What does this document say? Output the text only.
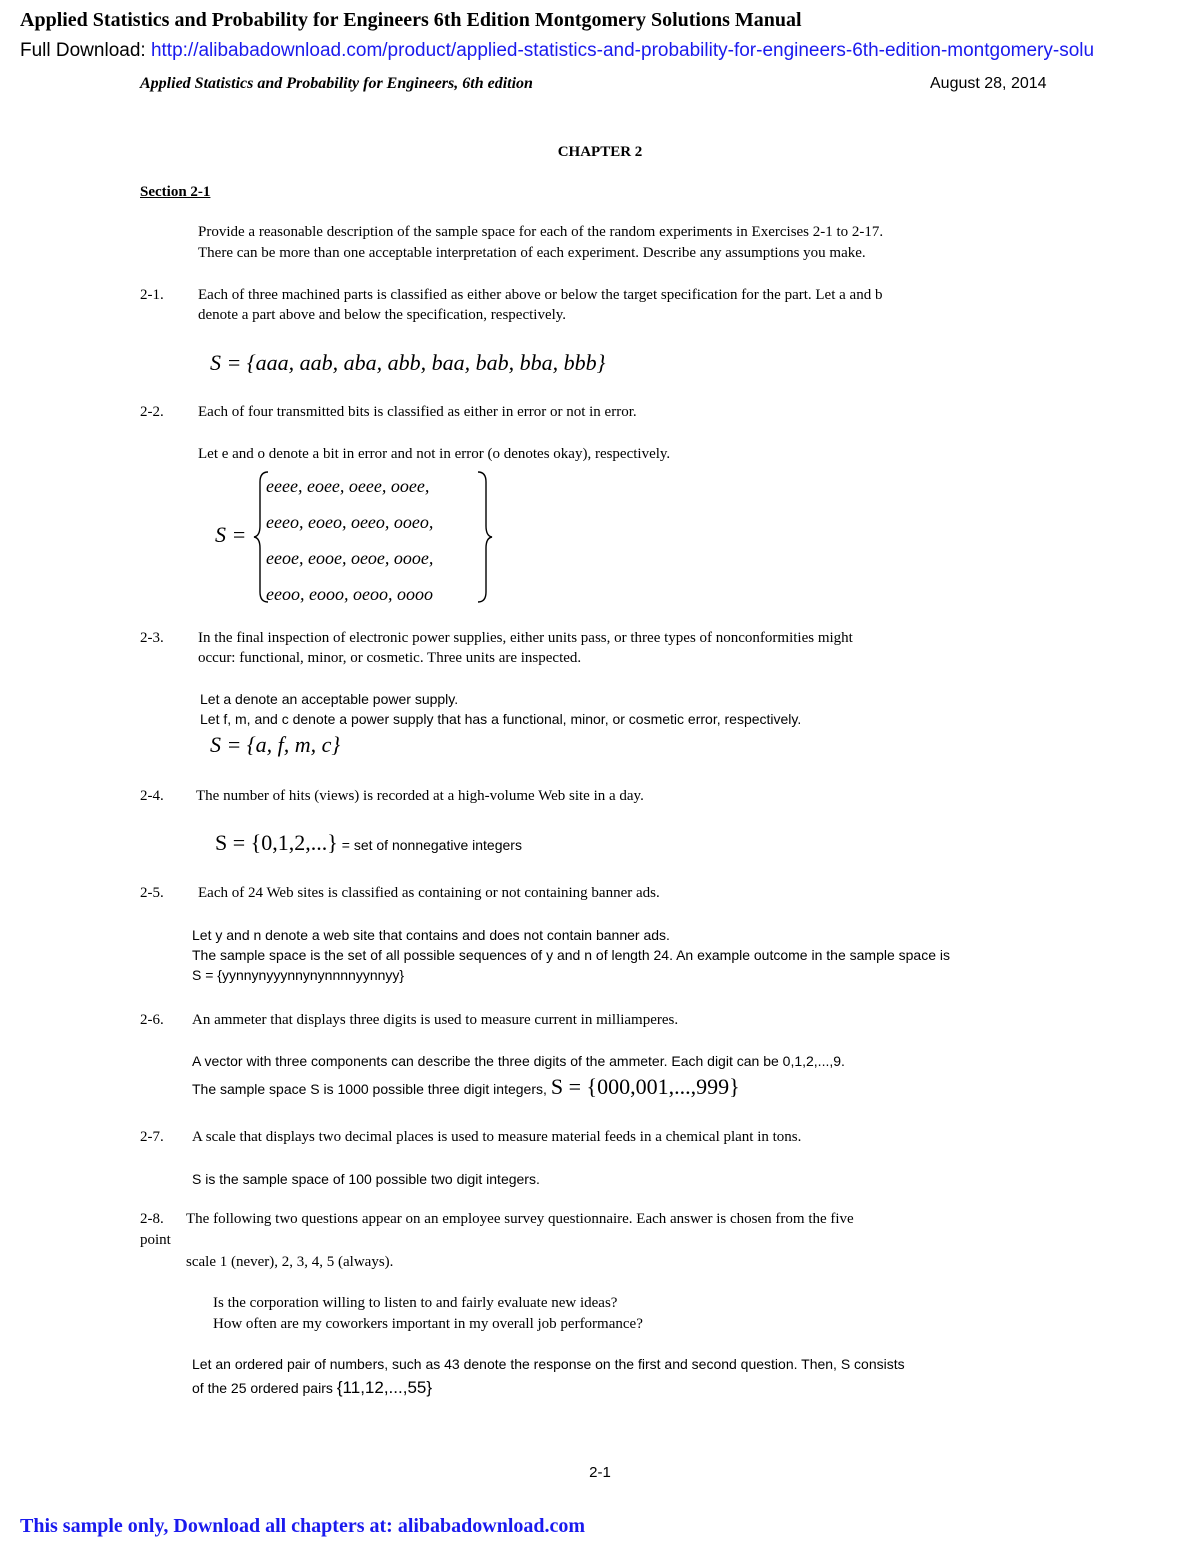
Applied Statistics and Probability for Engineers 6th Edition Montgomery Solutions Manual
Full Download: http://alibabadownload.com/product/applied-statistics-and-probability-for-engineers-6th-edition-montgomery-solu
Applied Statistics and Probability for Engineers, 6th edition	August 28, 2014
CHAPTER 2
Section 2-1
Provide a reasonable description of the sample space for each of the random experiments in Exercises 2-1 to 2-17.
There can be more than one acceptable interpretation of each experiment. Describe any assumptions you make.
2-1. Each of three machined parts is classified as either above or below the target specification for the part. Let a and b
denote a part above and below the specification, respectively.
S = {aaa, aab, aba, abb, baa, bab, bba, bbb}
2-2. Each of four transmitted bits is classified as either in error or not in error.
Let e and o denote a bit in error and not in error (o denotes okay), respectively.
S =
eeee, eoee, oeee, ooee,
eeeo, eoeo, oeeo, ooeo,
eeoe, eooe, oeoe, oooe,
eeoo, eooo, oeoo, oooo
2-3. In the final inspection of electronic power supplies, either units pass, or three types of nonconformities might
occur: functional, minor, or cosmetic. Three units are inspected.
Let a denote an acceptable power supply.
Let f, m, and c denote a power supply that has a functional, minor, or cosmetic error, respectively.
S = {a, f, m, c}
2-4. The number of hits (views) is recorded at a high-volume Web site in a day.
S = {0,1,2,...} = set of nonnegative integers
2-5. Each of 24 Web sites is classified as containing or not containing banner ads.
Let y and n denote a web site that contains and does not contain banner ads.
The sample space is the set of all possible sequences of y and n of length 24. An example outcome in the sample space is
S = {yynnynyyynnynynnnnyynnyy}
2-6. An ammeter that displays three digits is used to measure current in milliamperes.
A vector with three components can describe the three digits of the ammeter. Each digit can be 0,1,2,...,9.
The sample space S is 1000 possible three digit integers, S = {000,001,...,999}
2-7. A scale that displays two decimal places is used to measure material feeds in a chemical plant in tons.
S is the sample space of 100 possible two digit integers.
2-8. The following two questions appear on an employee survey questionnaire. Each answer is chosen from the five
point
scale 1 (never), 2, 3, 4, 5 (always).
Is the corporation willing to listen to and fairly evaluate new ideas?
How often are my coworkers important in my overall job performance?
Let an ordered pair of numbers, such as 43 denote the response on the first and second question. Then, S consists
of the 25 ordered pairs {11,12,...,55}
2-1
This sample only, Download all chapters at: alibabadownload.com
